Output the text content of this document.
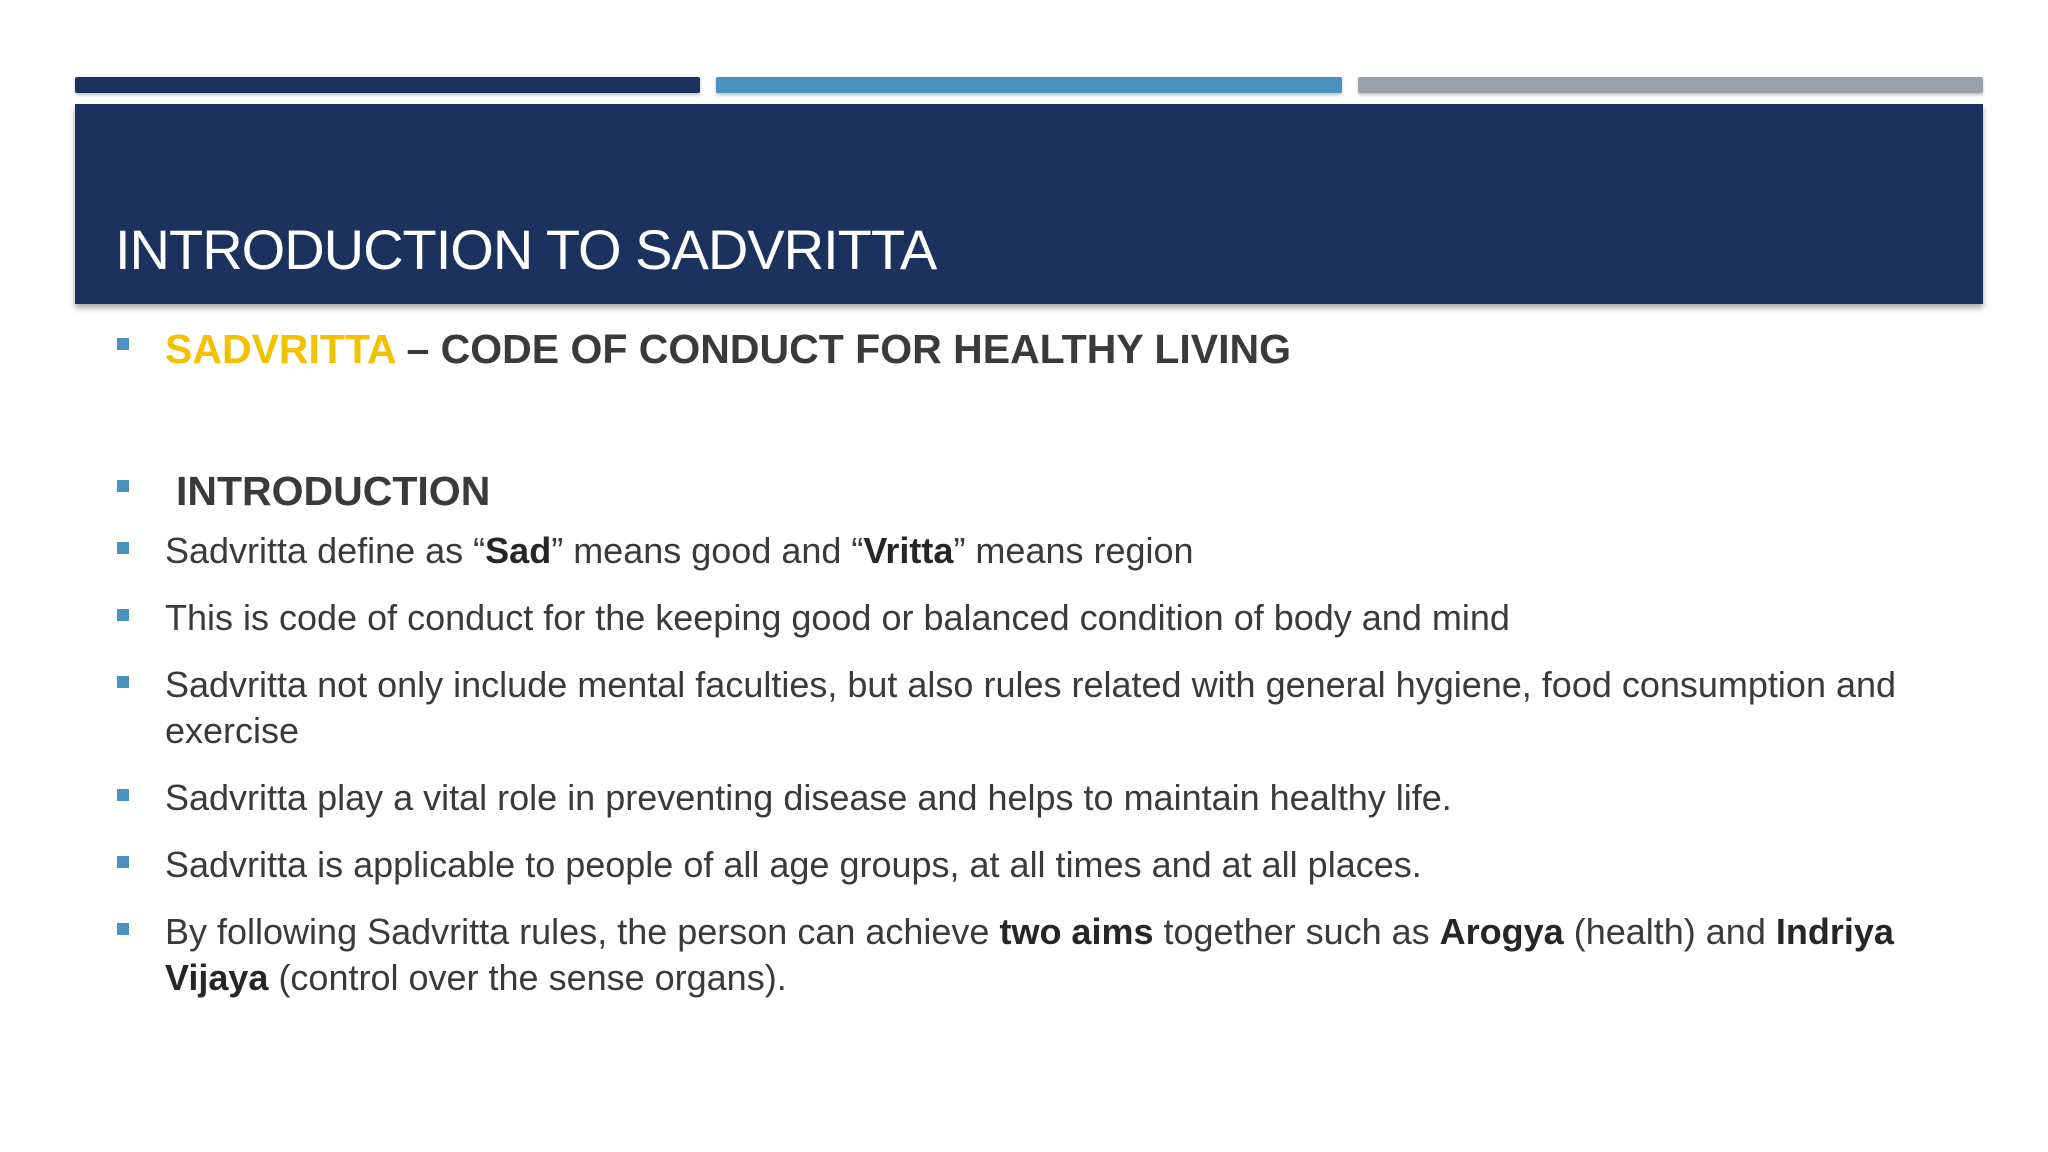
INTRODUCTION TO SADVRITTA
SADVRITTA – CODE OF CONDUCT FOR HEALTHY LIVING
INTRODUCTION
Sadvritta define as “Sad” means good and “Vritta” means region
This is code of conduct for the keeping good or balanced condition of body and mind
Sadvritta not only include mental faculties, but also rules related with general hygiene, food consumption and exercise
Sadvritta play a vital role in preventing disease and helps to maintain healthy life.
Sadvritta is applicable to people of all age groups, at all times and at all places.
By following Sadvritta rules, the person can achieve two aims together such as Arogya (health) and Indriya Vijaya (control over the sense organs).
